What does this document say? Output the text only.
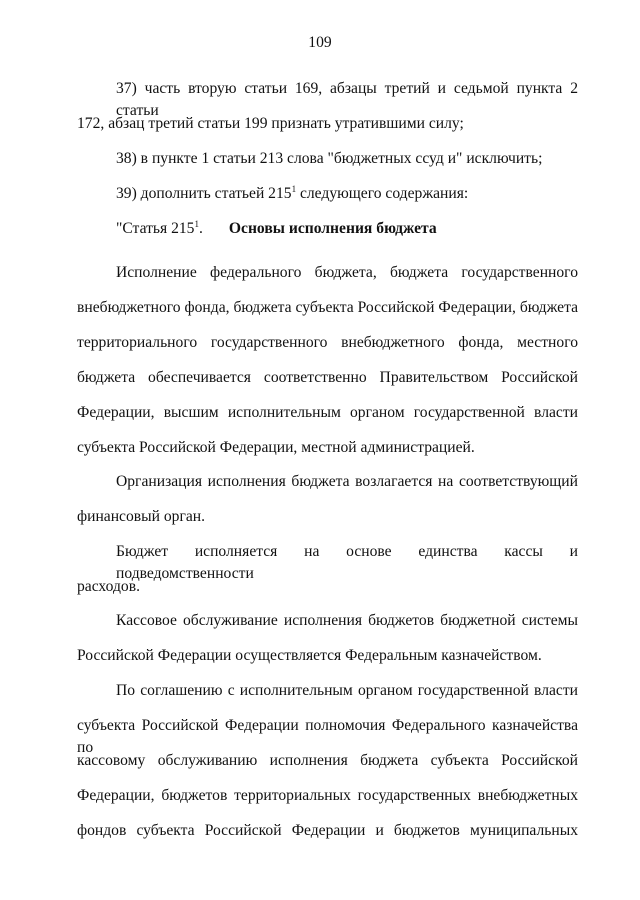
109
37) часть вторую статьи 169, абзацы третий и седьмой пункта 2 статьи
172, абзац третий статьи 199 признать утратившими силу;
38) в пункте 1 статьи 213 слова "бюджетных ссуд и" исключить;
39) дополнить статьей $215^1$ следующего содержания:
"Статья $215^1$. Основы исполнения бюджета
Исполнение федерального бюджета, бюджета государственного
внебюджетного фонда, бюджета субъекта Российской Федерации, бюджета
территориального государственного внебюджетного фонда, местного
бюджета обеспечивается соответственно Правительством Российской
Федерации, высшим исполнительным органом государственной власти
субъекта Российской Федерации, местной администрацией.
Организация исполнения бюджета возлагается на соответствующий
финансовый орган.
Бюджет исполняется на основе единства кассы и подведомственности
расходов.
Кассовое обслуживание исполнения бюджетов бюджетной системы
Российской Федерации осуществляется Федеральным казначейством.
По соглашению с исполнительным органом государственной власти
субъекта Российской Федерации полномочия Федерального казначейства по
кассовому обслуживанию исполнения бюджета субъекта Российской
Федерации, бюджетов территориальных государственных внебюджетных
фондов субъекта Российской Федерации и бюджетов муниципальных
